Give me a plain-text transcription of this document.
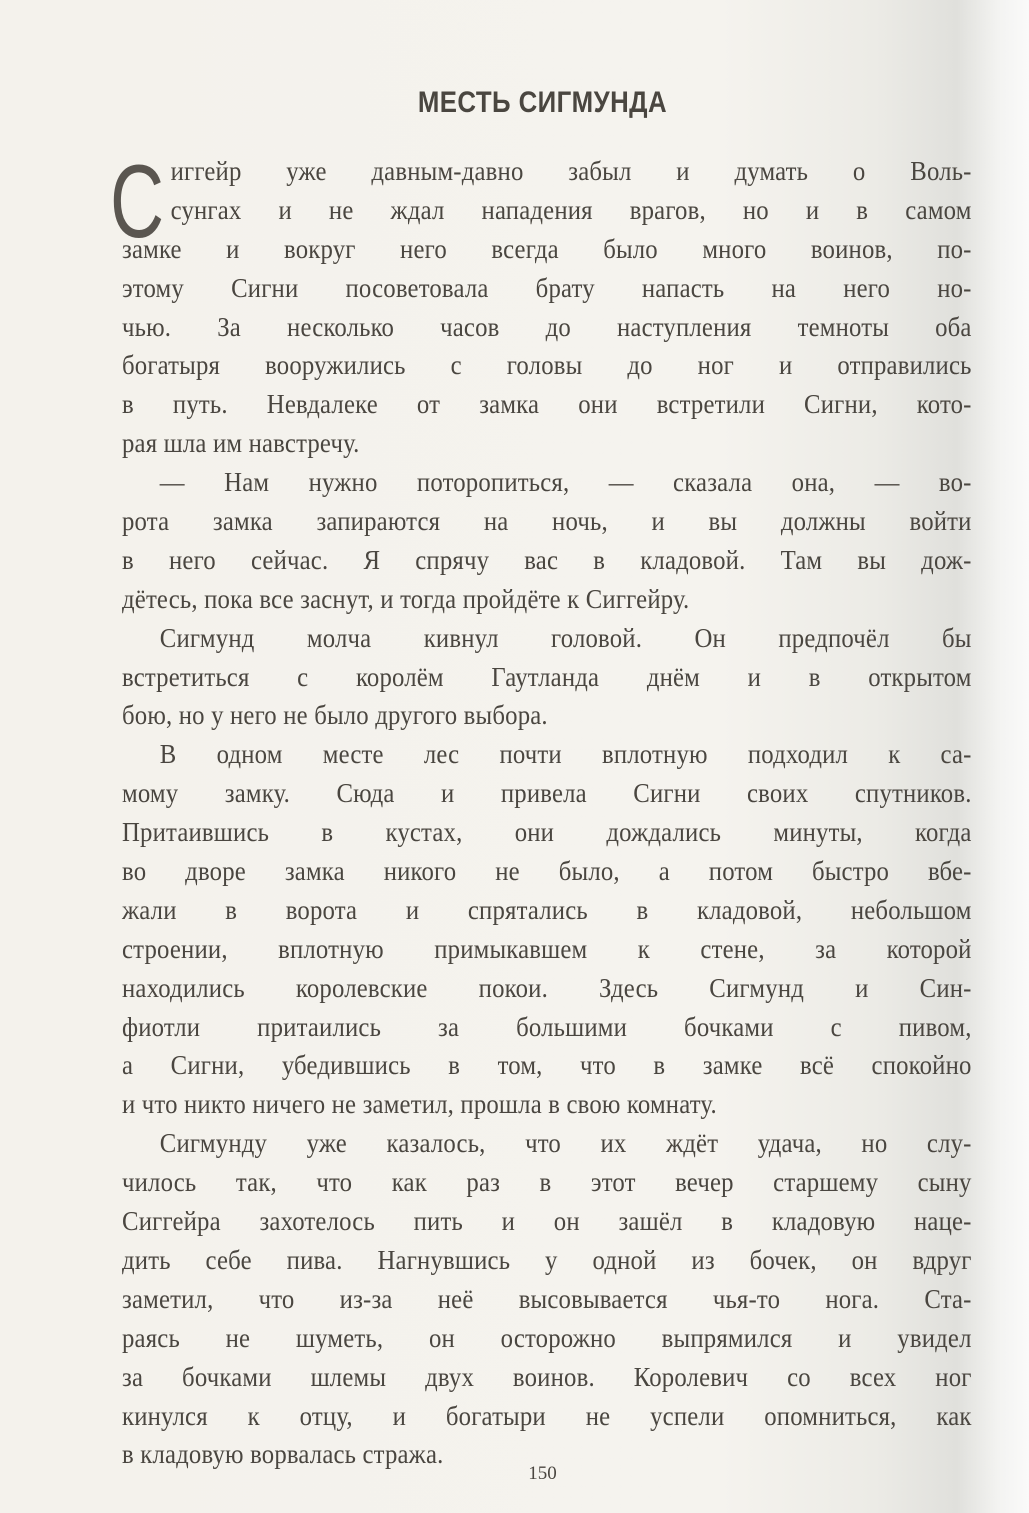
МЕСТЬ СИГМУНДА
С иггейр уже давным-давно забыл и думать о Воль-
сунгах и не ждал нападения врагов, но и в самом
замке и вокруг него всегда было много воинов, по-
этому Сигни посоветовала брату напасть на него но-
чью. За несколько часов до наступления темноты оба
богатыря вооружились с головы до ног и отправились
в путь. Невдалеке от замка они встретили Сигни, кото-
рая шла им навстречу.
— Нам нужно поторопиться, — сказала она, — во-
рота замка запираются на ночь, и вы должны войти
в него сейчас. Я спрячу вас в кладовой. Там вы дож-
дётесь, пока все заснут, и тогда пройдёте к Сиггейру.
Сигмунд молча кивнул головой. Он предпочёл бы
встретиться с королём Гаутланда днём и в открытом
бою, но у него не было другого выбора.
В одном месте лес почти вплотную подходил к са-
мому замку. Сюда и привела Сигни своих спутников.
Притаившись в кустах, они дождались минуты, когда
во дворе замка никого не было, а потом быстро вбе-
жали в ворота и спрятались в кладовой, небольшом
строении, вплотную примыкавшем к стене, за которой
находились королевские покои. Здесь Сигмунд и Син-
фиотли притаились за большими бочками с пивом,
а Сигни, убедившись в том, что в замке всё спокойно
и что никто ничего не заметил, прошла в свою комнату.
Сигмунду уже казалось, что их ждёт удача, но слу-
чилось так, что как раз в этот вечер старшему сыну
Сиггейра захотелось пить и он зашёл в кладовую наце-
дить себе пива. Нагнувшись у одной из бочек, он вдруг
заметил, что из-за неё высовывается чья-то нога. Ста-
раясь не шуметь, он осторожно выпрямился и увидел
за бочками шлемы двух воинов. Королевич со всех ног
кинулся к отцу, и богатыри не успели опомниться, как
в кладовую ворвалась стража.
150
